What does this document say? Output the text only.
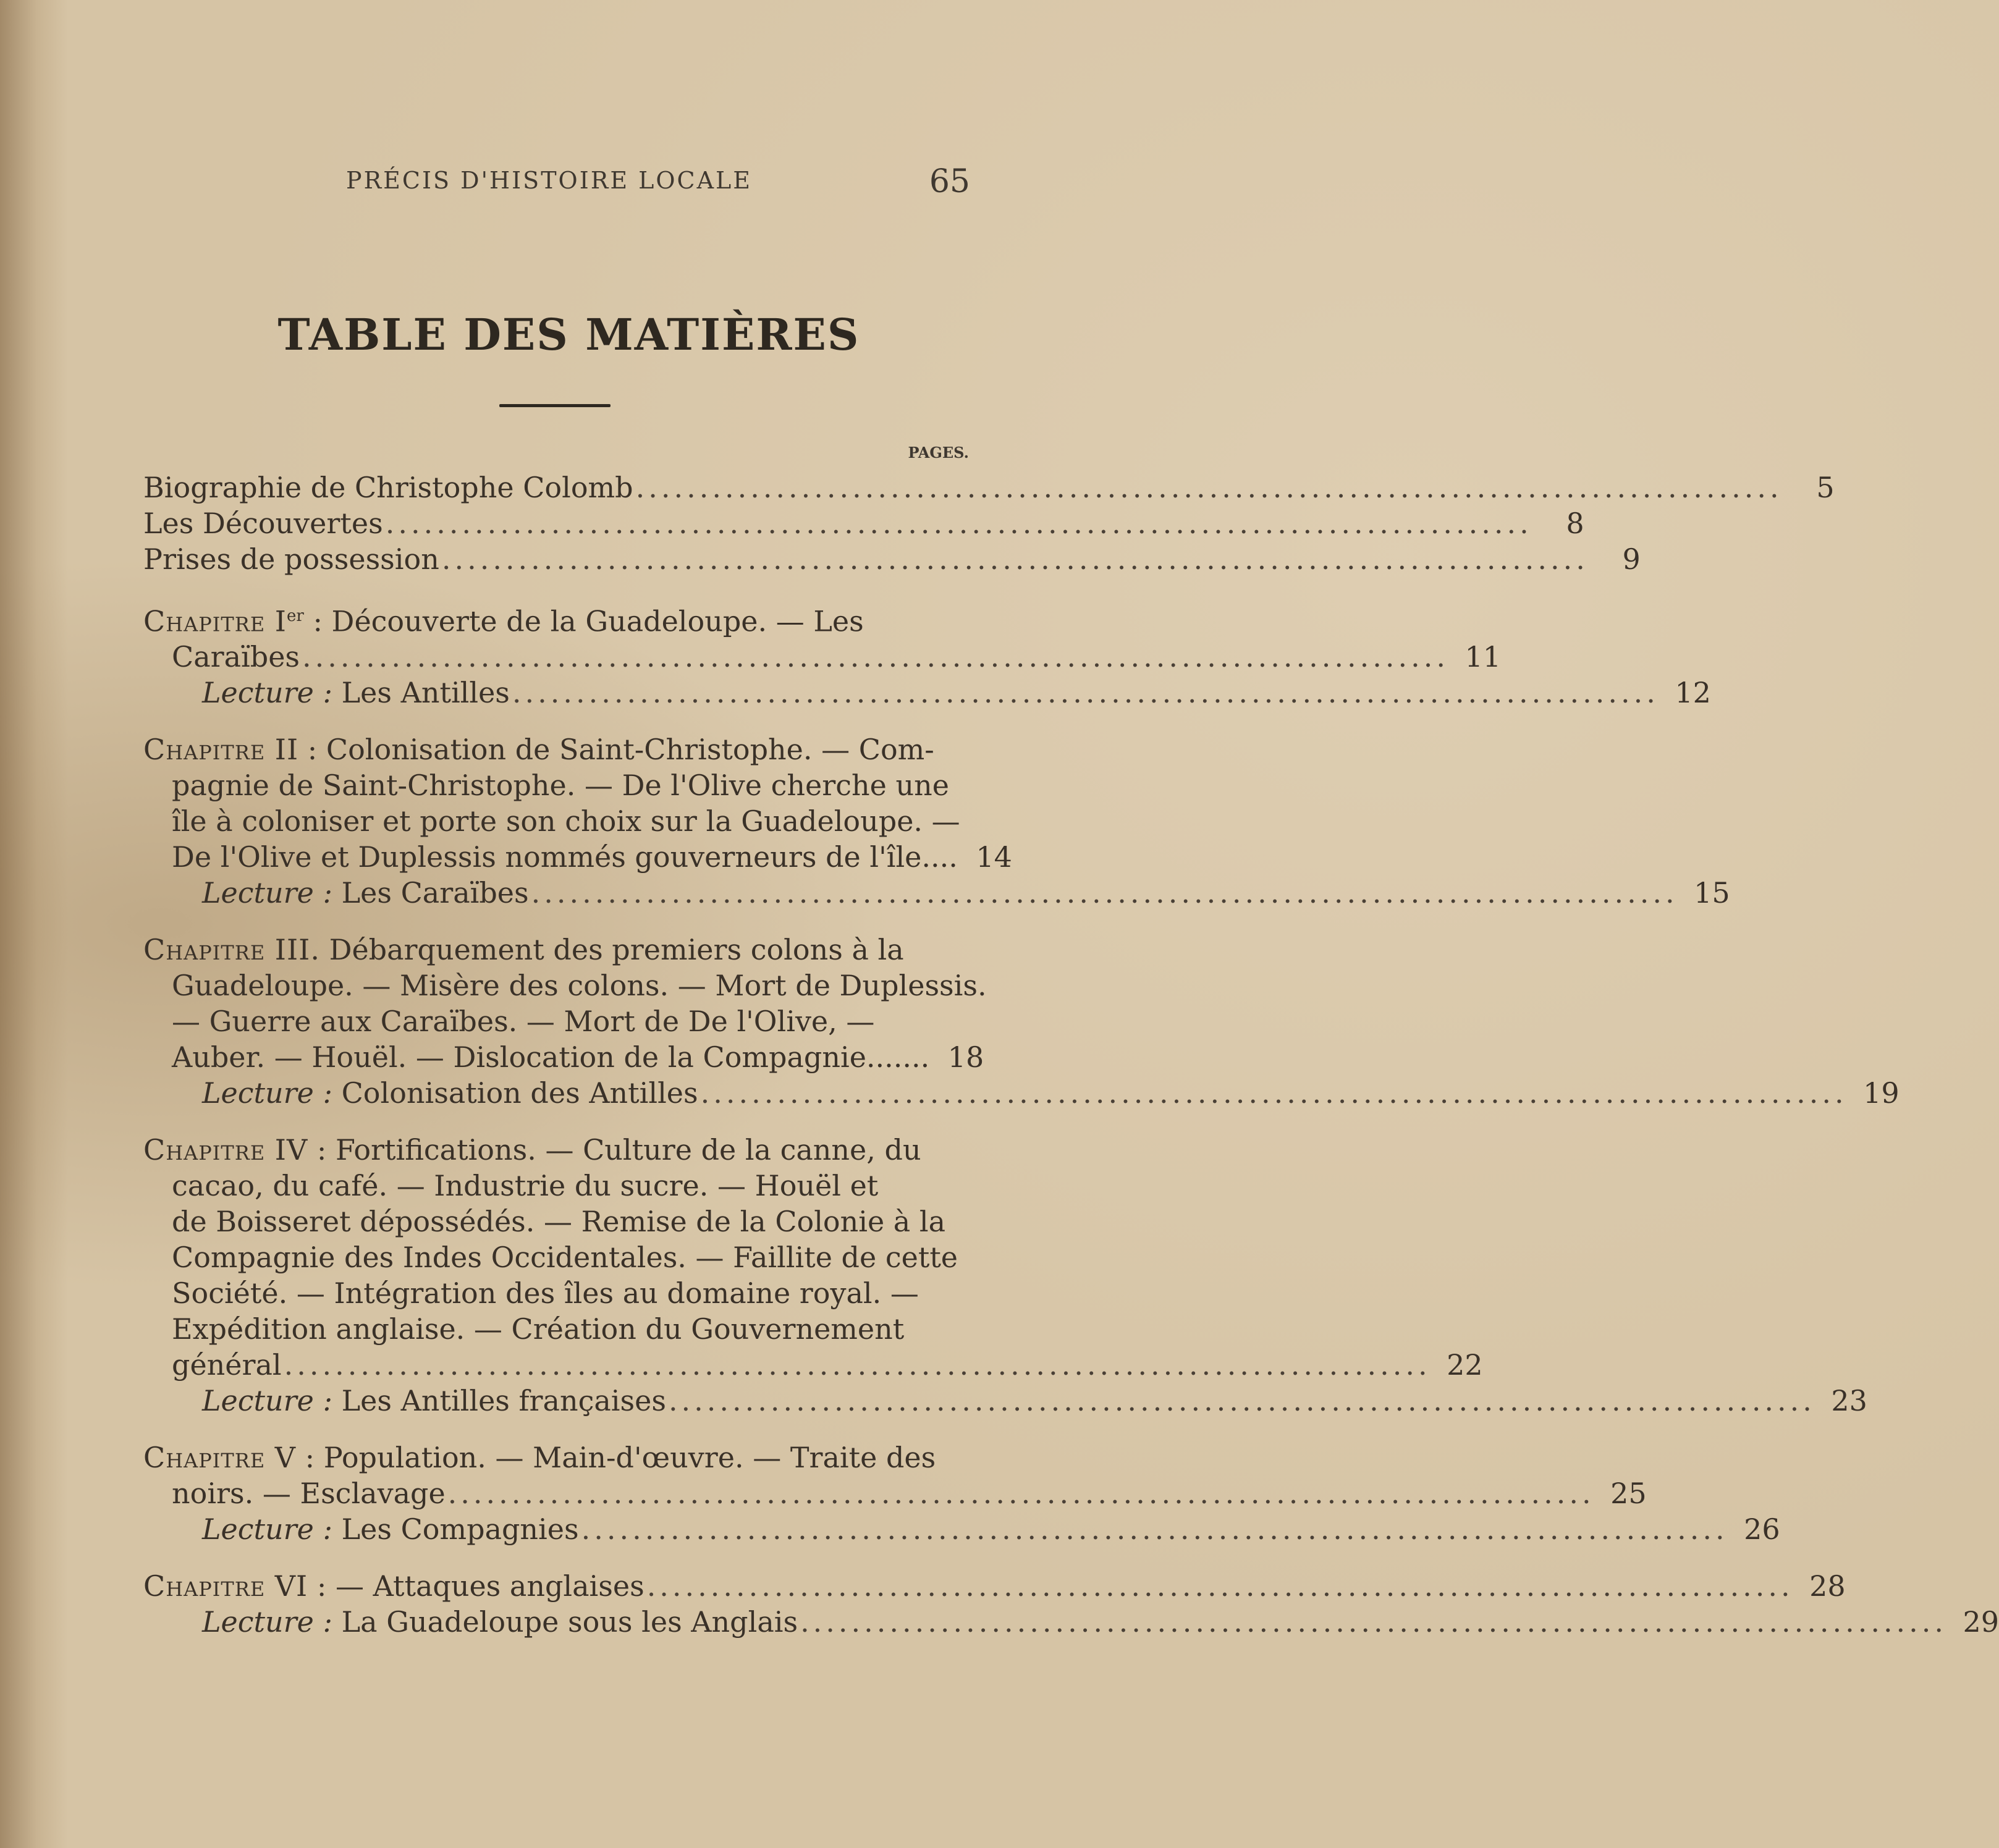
PRÉCIS D'HISTOIRE LOCALE	65
TABLE DES MATIÈRES
PAGES.
Biographie de Christophe Colomb ..........................................................................................	5
Les Découvertes ..........................................................................................	8
Prises de possession ..........................................................................................	9
Chapitre Ier : Découverte de la Guadeloupe. — Les
Caraïbes .......................................................................................... 11
Lecture : Les Antilles .......................................................................................... 12
Chapitre II : Colonisation de Saint-Christophe. — Com-
pagnie de Saint-Christophe. — De l'Olive cherche une
île à coloniser et porte son choix sur la Guadeloupe. —
De l'Olive et Duplessis nommés gouverneurs de l'île.... 14
Lecture : Les Caraïbes .......................................................................................... 15
Chapitre III. Débarquement des premiers colons à la
Guadeloupe. — Misère des colons. — Mort de Duplessis.
— Guerre aux Caraïbes. — Mort de De l'Olive, —
Auber. — Houël. — Dislocation de la Compagnie....... 18
Lecture : Colonisation des Antilles .......................................................................................... 19
Chapitre IV : Fortifications. — Culture de la canne, du
cacao, du café. — Industrie du sucre. — Houël et
de Boisseret dépossédés. — Remise de la Colonie à la
Compagnie des Indes Occidentales. — Faillite de cette
Société. — Intégration des îles au domaine royal. —
Expédition anglaise. — Création du Gouvernement
général .......................................................................................... 22
Lecture : Les Antilles françaises .......................................................................................... 23
Chapitre V : Population. — Main-d'œuvre. — Traite des
noirs. — Esclavage .......................................................................................... 25
Lecture : Les Compagnies .......................................................................................... 26
Chapitre VI : — Attaques anglaises .......................................................................................... 28
Lecture : La Guadeloupe sous les Anglais .......................................................................................... 29
